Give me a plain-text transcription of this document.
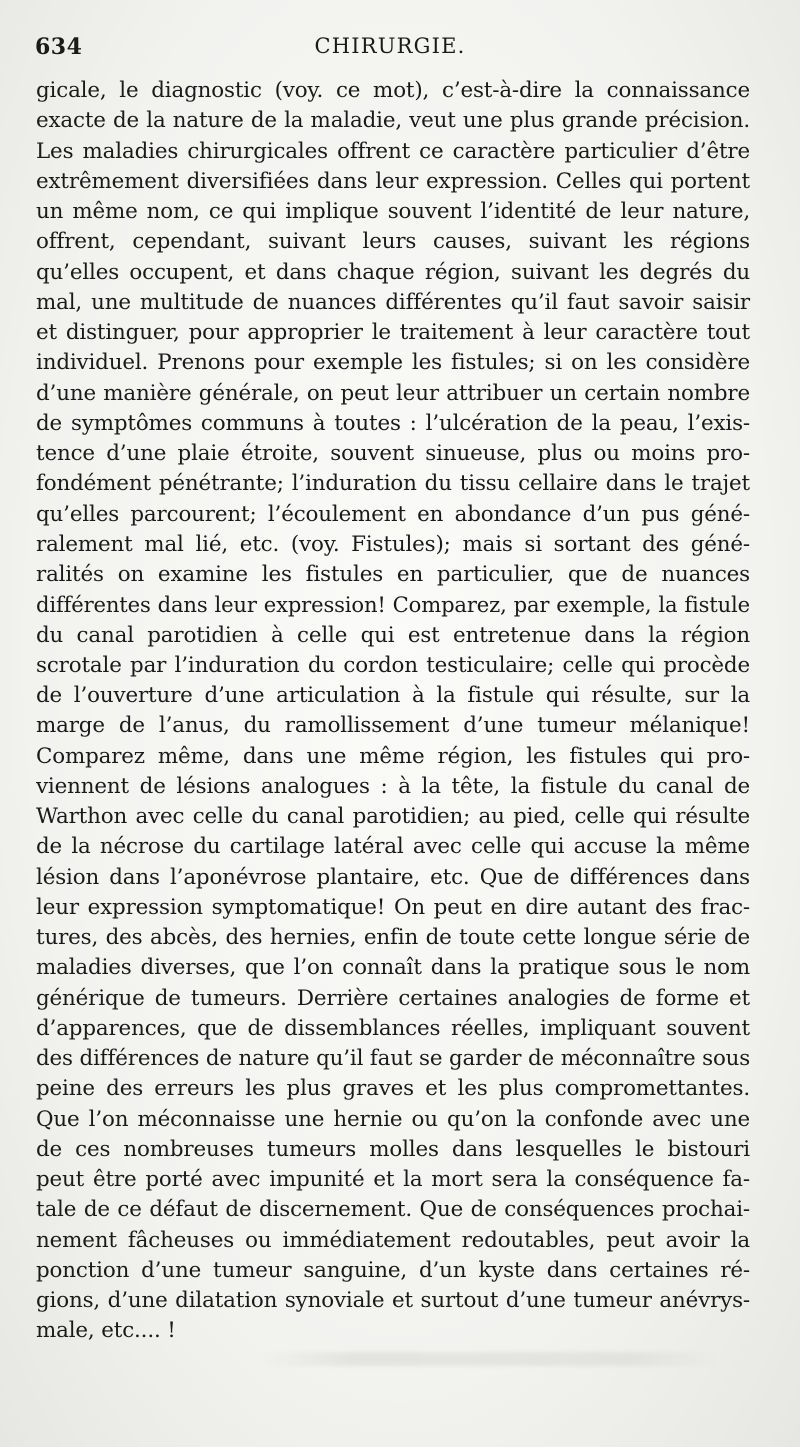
634	CHIRURGIE.
gicale, le diagnostic (voy. ce mot), c’est-à-dire la connaissance
exacte de la nature de la maladie, veut une plus grande précision.
Les maladies chirurgicales offrent ce caractère particulier d’être
extrêmement diversifiées dans leur expression. Celles qui portent
un même nom, ce qui implique souvent l’identité de leur nature,
offrent, cependant, suivant leurs causes, suivant les régions
qu’elles occupent, et dans chaque région, suivant les degrés du
mal, une multitude de nuances différentes qu’il faut savoir saisir
et distinguer, pour approprier le traitement à leur caractère tout
individuel. Prenons pour exemple les fistules; si on les considère
d’une manière générale, on peut leur attribuer un certain nombre
de symptômes communs à toutes : l’ulcération de la peau, l’exis-
tence d’une plaie étroite, souvent sinueuse, plus ou moins pro-
fondément pénétrante; l’induration du tissu cellaire dans le trajet
qu’elles parcourent; l’écoulement en abondance d’un pus géné-
ralement mal lié, etc. (voy. Fistules); mais si sortant des géné-
ralités on examine les fistules en particulier, que de nuances
différentes dans leur expression! Comparez, par exemple, la fistule
du canal parotidien à celle qui est entretenue dans la région
scrotale par l’induration du cordon testiculaire; celle qui procède
de l’ouverture d’une articulation à la fistule qui résulte, sur la
marge de l’anus, du ramollissement d’une tumeur mélanique!
Comparez même, dans une même région, les fistules qui pro-
viennent de lésions analogues : à la tête, la fistule du canal de
Warthon avec celle du canal parotidien; au pied, celle qui résulte
de la nécrose du cartilage latéral avec celle qui accuse la même
lésion dans l’aponévrose plantaire, etc. Que de différences dans
leur expression symptomatique! On peut en dire autant des frac-
tures, des abcès, des hernies, enfin de toute cette longue série de
maladies diverses, que l’on connaît dans la pratique sous le nom
générique de tumeurs. Derrière certaines analogies de forme et
d’apparences, que de dissemblances réelles, impliquant souvent
des différences de nature qu’il faut se garder de méconnaître sous
peine des erreurs les plus graves et les plus compromettantes.
Que l’on méconnaisse une hernie ou qu’on la confonde avec une
de ces nombreuses tumeurs molles dans lesquelles le bistouri
peut être porté avec impunité et la mort sera la conséquence fa-
tale de ce défaut de discernement. Que de conséquences prochai-
nement fâcheuses ou immédiatement redoutables, peut avoir la
ponction d’une tumeur sanguine, d’un kyste dans certaines ré-
gions, d’une dilatation synoviale et surtout d’une tumeur anévrys-
male, etc.... !
